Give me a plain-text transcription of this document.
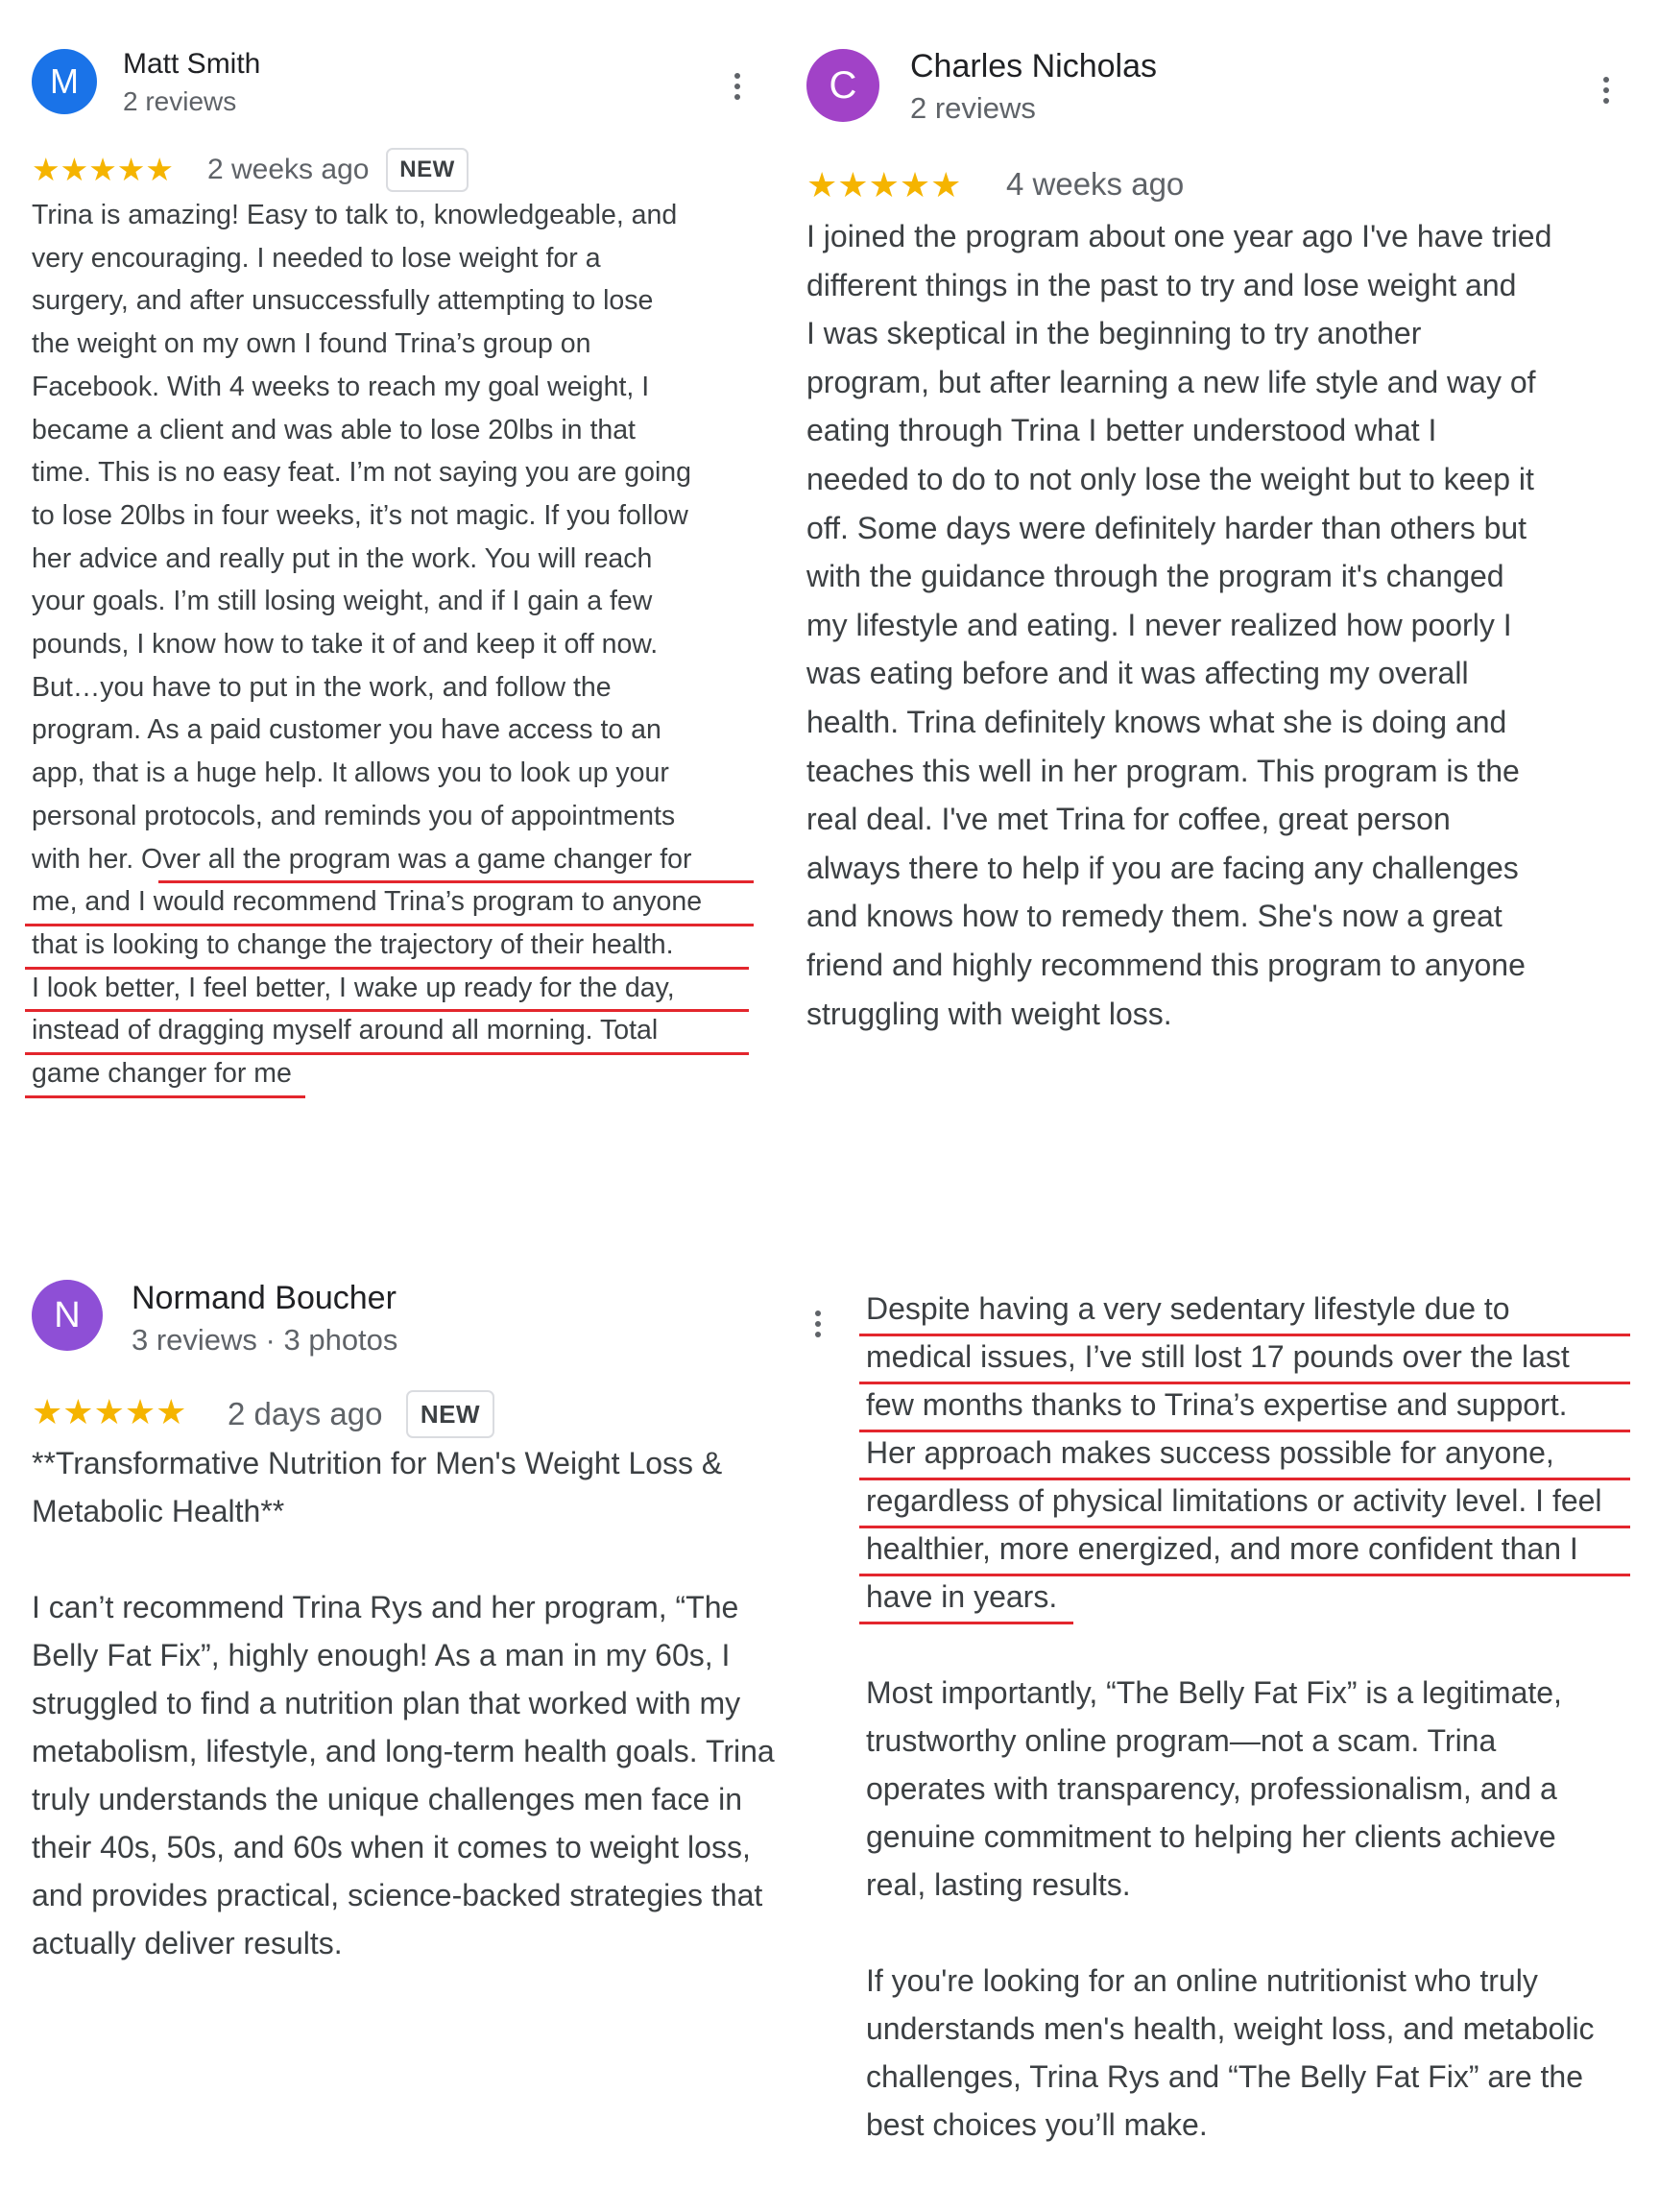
M Matt Smith
2 reviews
★ ★ ★ ★ ★ 2 weeks ago	NEW
Trina is amazing! Easy to talk to, knowledgeable, and
very encouraging. I needed to lose weight for a
surgery, and after unsuccessfully attempting to lose
the weight on my own I found Trina’s group on
Facebook. With 4 weeks to reach my goal weight, I
became a client and was able to lose 20lbs in that
time. This is no easy feat. I’m not saying you are going
to lose 20lbs in four weeks, it’s not magic. If you follow
her advice and really put in the work. You will reach
your goals. I’m still losing weight, and if I gain a few
pounds, I know how to take it of and keep it off now.
But…you have to put in the work, and follow the
program. As a paid customer you have access to an
app, that is a huge help. It allows you to look up your
personal protocols, and reminds you of appointments
with her. Over all the program was a game changer for
me, and I would recommend Trina’s program to anyone
that is looking to change the trajectory of their health.
I look better, I feel better, I wake up ready for the day,
instead of dragging myself around all morning. Total
game changer for me
C Charles Nicholas
2 reviews
★ ★ ★ ★ ★ 4 weeks ago
I joined the program about one year ago I've have tried
different things in the past to try and lose weight and
I was skeptical in the beginning to try another
program, but after learning a new life style and way of
eating through Trina I better understood what I
needed to do to not only lose the weight but to keep it
off. Some days were definitely harder than others but
with the guidance through the program it's changed
my lifestyle and eating. I never realized how poorly I
was eating before and it was affecting my overall
health. Trina definitely knows what she is doing and
teaches this well in her program. This program is the
real deal. I've met Trina for coffee, great person
always there to help if you are facing any challenges
and knows how to remedy them. She's now a great
friend and highly recommend this program to anyone
struggling with weight loss.
N Normand Boucher
3 reviews · 3 photos
★ ★ ★ ★ ★ 2 days ago	NEW
**Transformative Nutrition for Men's Weight Loss &
Metabolic Health**
I can’t recommend Trina Rys and her program, “The
Belly Fat Fix”, highly enough! As a man in my 60s, I
struggled to find a nutrition plan that worked with my
metabolism, lifestyle, and long-term health goals. Trina
truly understands the unique challenges men face in
their 40s, 50s, and 60s when it comes to weight loss,
and provides practical, science-backed strategies that
actually deliver results.
Despite having a very sedentary lifestyle due to
medical issues, I’ve still lost 17 pounds over the last
few months thanks to Trina’s expertise and support.
Her approach makes success possible for anyone,
regardless of physical limitations or activity level. I feel
healthier, more energized, and more confident than I
have in years.
Most importantly, “The Belly Fat Fix” is a legitimate,
trustworthy online program—not a scam. Trina
operates with transparency, professionalism, and a
genuine commitment to helping her clients achieve
real, lasting results.
If you're looking for an online nutritionist who truly
understands men's health, weight loss, and metabolic
challenges, Trina Rys and “The Belly Fat Fix” are the
best choices you’ll make.
